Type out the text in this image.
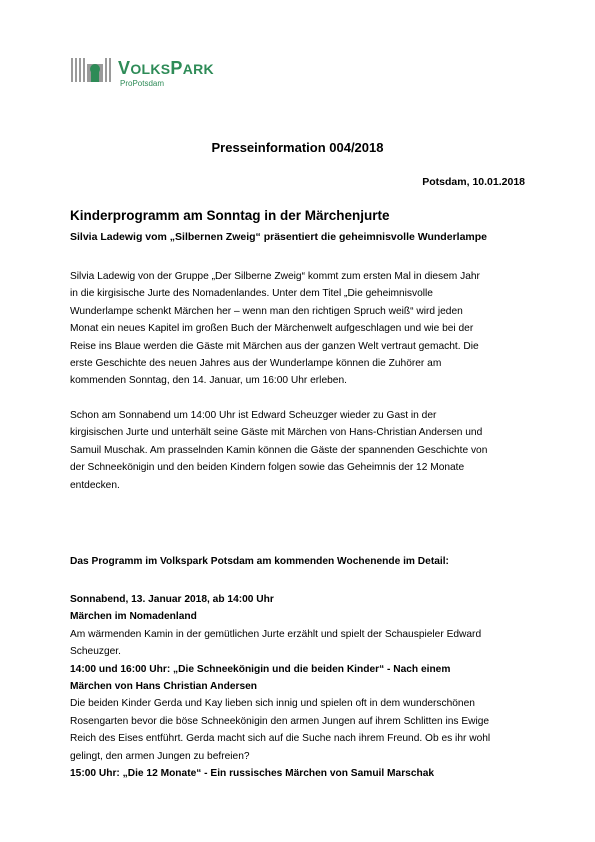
VOLKSPARK
ProPotsdam
Presseinformation 004/2018
Potsdam, 10.01.2018
Kinderprogramm am Sonntag in der Märchenjurte
Silvia Ladewig vom „Silbernen Zweig“ präsentiert die geheimnisvolle Wunderlampe
Silvia Ladewig von der Gruppe „Der Silberne Zweig“ kommt zum ersten Mal in diesem Jahr
in die kirgisische Jurte des Nomadenlandes. Unter dem Titel „Die geheimnisvolle
Wunderlampe schenkt Märchen her – wenn man den richtigen Spruch weiß“ wird jeden
Monat ein neues Kapitel im großen Buch der Märchenwelt aufgeschlagen und wie bei der
Reise ins Blaue werden die Gäste mit Märchen aus der ganzen Welt vertraut gemacht. Die
erste Geschichte des neuen Jahres aus der Wunderlampe können die Zuhörer am
kommenden Sonntag, den 14. Januar, um 16:00 Uhr erleben.
Schon am Sonnabend um 14:00 Uhr ist Edward Scheuzger wieder zu Gast in der
kirgisischen Jurte und unterhält seine Gäste mit Märchen von Hans-Christian Andersen und
Samuil Muschak. Am prasselnden Kamin können die Gäste der spannenden Geschichte von
der Schneekönigin und den beiden Kindern folgen sowie das Geheimnis der 12 Monate
entdecken.
Das Programm im Volkspark Potsdam am kommenden Wochenende im Detail:
Sonnabend, 13. Januar 2018, ab 14:00 Uhr
Märchen im Nomadenland
Am wärmenden Kamin in der gemütlichen Jurte erzählt und spielt der Schauspieler Edward
Scheuzger.
14:00 und 16:00 Uhr: „Die Schneekönigin und die beiden Kinder“ - Nach einem
Märchen von Hans Christian Andersen
Die beiden Kinder Gerda und Kay lieben sich innig und spielen oft in dem wunderschönen
Rosengarten bevor die böse Schneekönigin den armen Jungen auf ihrem Schlitten ins Ewige
Reich des Eises entführt. Gerda macht sich auf die Suche nach ihrem Freund. Ob es ihr wohl
gelingt, den armen Jungen zu befreien?
15:00 Uhr: „Die 12 Monate“ - Ein russisches Märchen von Samuil Marschak
